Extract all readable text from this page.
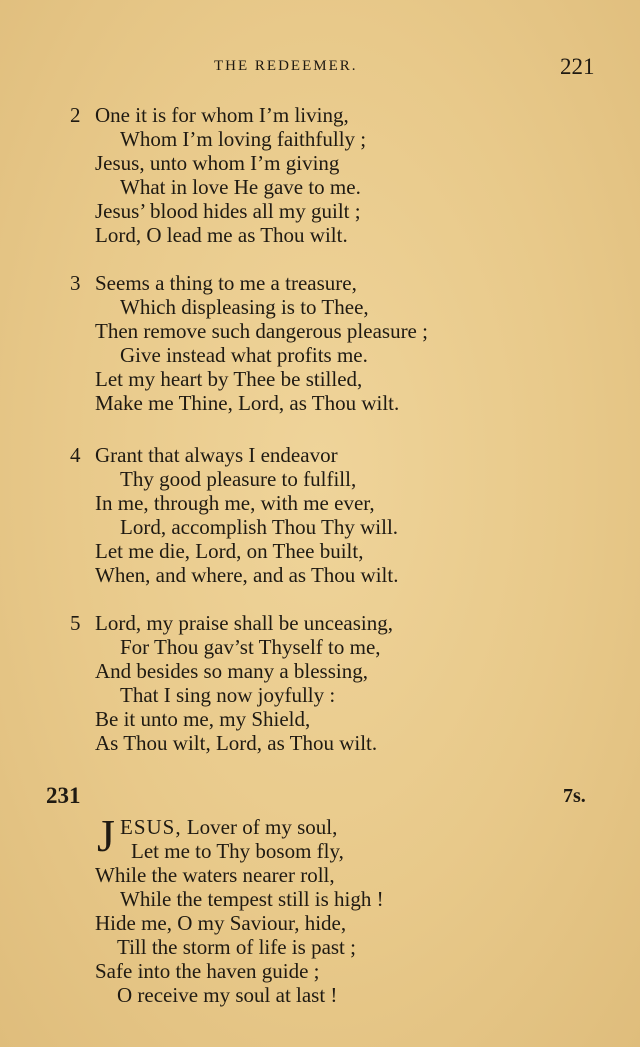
THE REDEEMER.	221
2 One it is for whom I’m living,
Whom I’m loving faithfully ;
Jesus, unto whom I’m giving
What in love He gave to me.
Jesus’ blood hides all my guilt ;
Lord, O lead me as Thou wilt.
3 Seems a thing to me a treasure,
Which displeasing is to Thee,
Then remove such dangerous pleasure ;
Give instead what profits me.
Let my heart by Thee be stilled,
Make me Thine, Lord, as Thou wilt.
4 Grant that always I endeavor
Thy good pleasure to fulfill,
In me, through me, with me ever,
Lord, accomplish Thou Thy will.
Let me die, Lord, on Thee built,
When, and where, and as Thou wilt.
5 Lord, my praise shall be unceasing,
For Thou gav’st Thyself to me,
And besides so many a blessing,
That I sing now joyfully :
Be it unto me, my Shield,
As Thou wilt, Lord, as Thou wilt.
231	7s.
J ESUS, Lover of my soul,
Let me to Thy bosom fly,
While the waters nearer roll,
While the tempest still is high !
Hide me, O my Saviour, hide,
Till the storm of life is past ;
Safe into the haven guide ;
O receive my soul at last !
